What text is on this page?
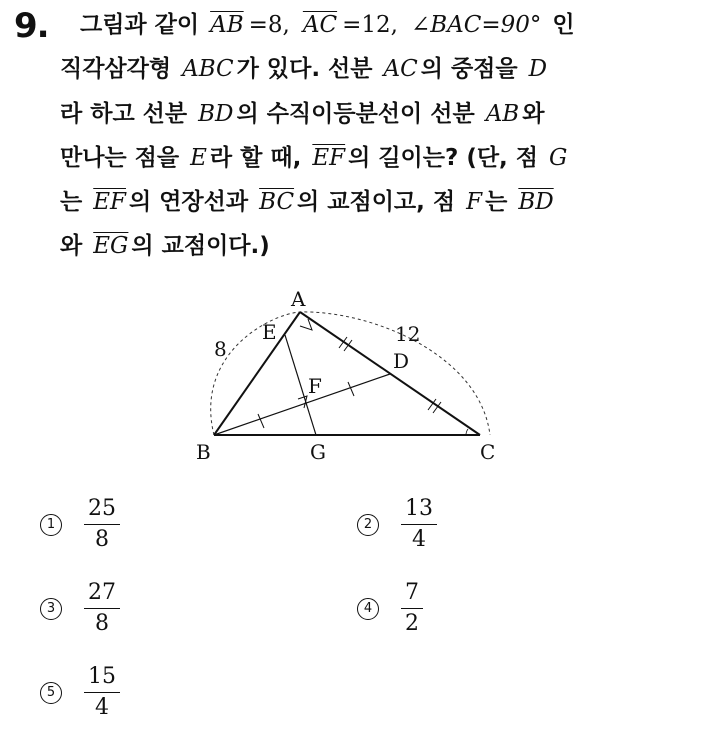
9.	그림과 같이 $\overline{AB} =8$, $\overline{AC} =12$, ∠BAC=90° 인
직각삼각형 ABC 가 있다. 선분 AC 의 중점을 D
라 하고 선분 BD 의 수직이등분선이 선분 AB 와
만나는 점을 E 라 할 때, $\overline{EF}$ 의 길이는? (단, 점 G
는 $\overline{EF}$ 의 연장선과 $\overline{BC}$ 의 교점이고, 점 F 는 $\overline{BD}$
와 $\overline{EG}$ 의 교점이다.)
A
B	C
D
E
F
G
8
12
1	$\frac{25}{8}$	2	$\frac{13}{4}$
3	$\frac{27}{8}$	4	$\frac{7}{2}$
5	$\frac{15}{4}$
